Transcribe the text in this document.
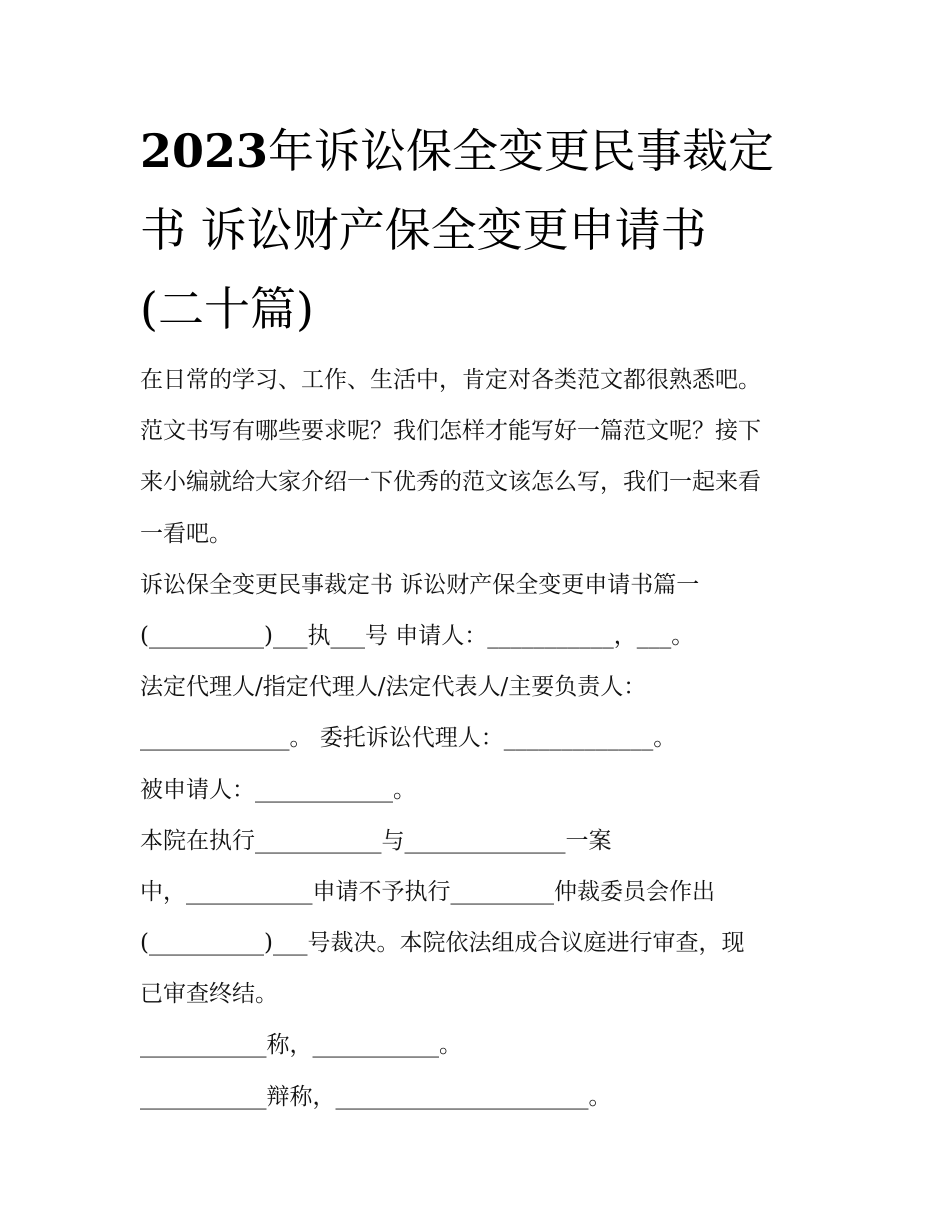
2023年诉讼保全变更民事裁定
书 诉讼财产保全变更申请书
(二十篇)
在日常的学习、工作、生活中，肯定对各类范文都很熟悉吧。
范文书写有哪些要求呢？我们怎样才能写好一篇范文呢？接下
来小编就给大家介绍一下优秀的范文该怎么写，我们一起来看
一看吧。
诉讼保全变更民事裁定书 诉讼财产保全变更申请书篇一
(__________)___执___号 申请人：___________，___。
法定代理人/指定代理人/法定代表人/主要负责人：
_____________。 委托诉讼代理人：_____________。
被申请人：____________。
本院在执行___________与______________一案
中，___________申请不予执行_________仲裁委员会作出
(__________)___号裁决。本院依法组成合议庭进行审查，现
已审查终结。
___________称，___________。
___________辩称，______________________。
